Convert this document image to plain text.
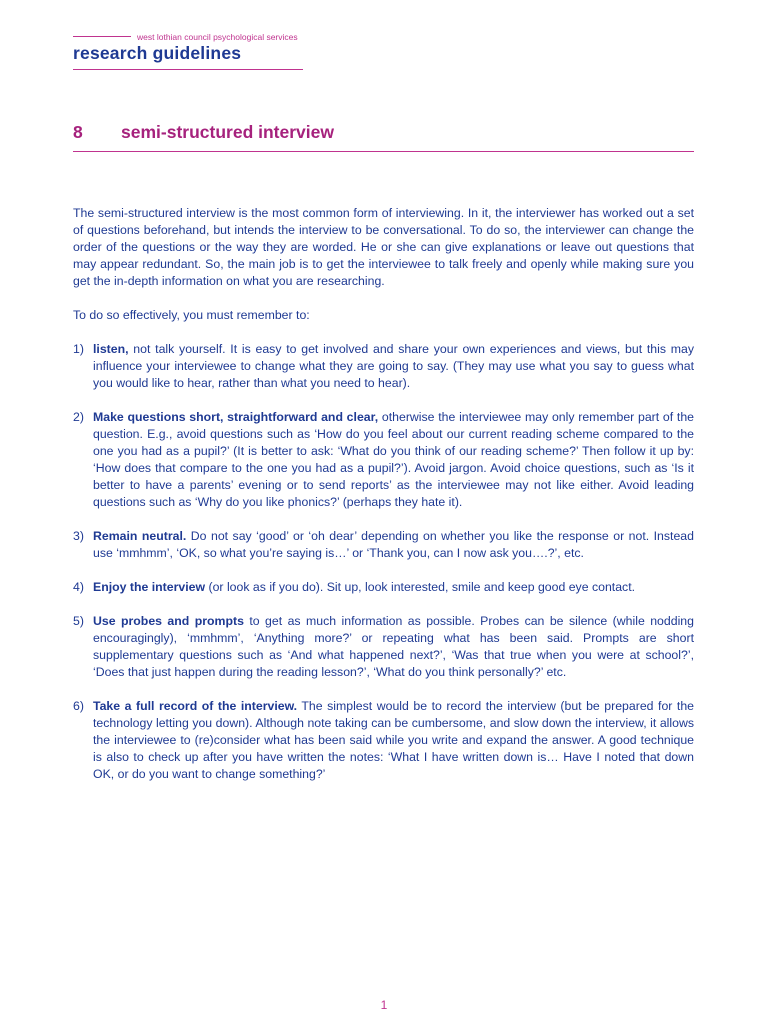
west lothian council psychological services
research guidelines
8	semi-structured interview

The semi-structured interview is the most common form of interviewing. In it, the interviewer has worked out a set of questions beforehand, but intends the interview to be conversational. To do so, the interviewer can change the order of the questions or the way they are worded. He or she can give explanations or leave out questions that may appear redundant. So, the main job is to get the interviewee to talk freely and openly while making sure you get the in-depth information on what you are researching.

To do so effectively, you must remember to:

1) listen, not talk yourself. It is easy to get involved and share your own experiences and views, but this may influence your interviewee to change what they are going to say. (They may use what you say to guess what you would like to hear, rather than what you need to hear).
2) Make questions short, straightforward and clear, otherwise the interviewee may only remember part of the question. E.g., avoid questions such as ‘How do you feel about our current reading scheme compared to the one you had as a pupil?’ (It is better to ask: ‘What do you think of our reading scheme?’ Then follow it up by: ‘How does that compare to the one you had as a pupil?’). Avoid jargon. Avoid choice questions, such as ‘Is it better to have a parents’ evening or to send reports’ as the interviewee may not like either. Avoid leading questions such as ‘Why do you like phonics?’ (perhaps they hate it).
3) Remain neutral. Do not say ‘good’ or ‘oh dear’ depending on whether you like the response or not. Instead use ‘mmhmm’, ‘OK, so what you’re saying is…’ or ‘Thank you, can I now ask you….?’, etc.
4) Enjoy the interview (or look as if you do). Sit up, look interested, smile and keep good eye contact.
5) Use probes and prompts to get as much information as possible. Probes can be silence (while nodding encouragingly), ‘mmhmm’, ‘Anything more?’ or repeating what has been said. Prompts are short supplementary questions such as ‘And what happened next?’, ‘Was that true when you were at school?’, ‘Does that just happen during the reading lesson?’, ‘What do you think personally?’ etc.
6) Take a full record of the interview. The simplest would be to record the interview (but be prepared for the technology letting you down). Although note taking can be cumbersome, and slow down the interview, it allows the interviewee to (re)consider what has been said while you write and expand the answer. A good technique is also to check up after you have written the notes: ‘What I have written down is… Have I noted that down OK, or do you want to change something?’
1
